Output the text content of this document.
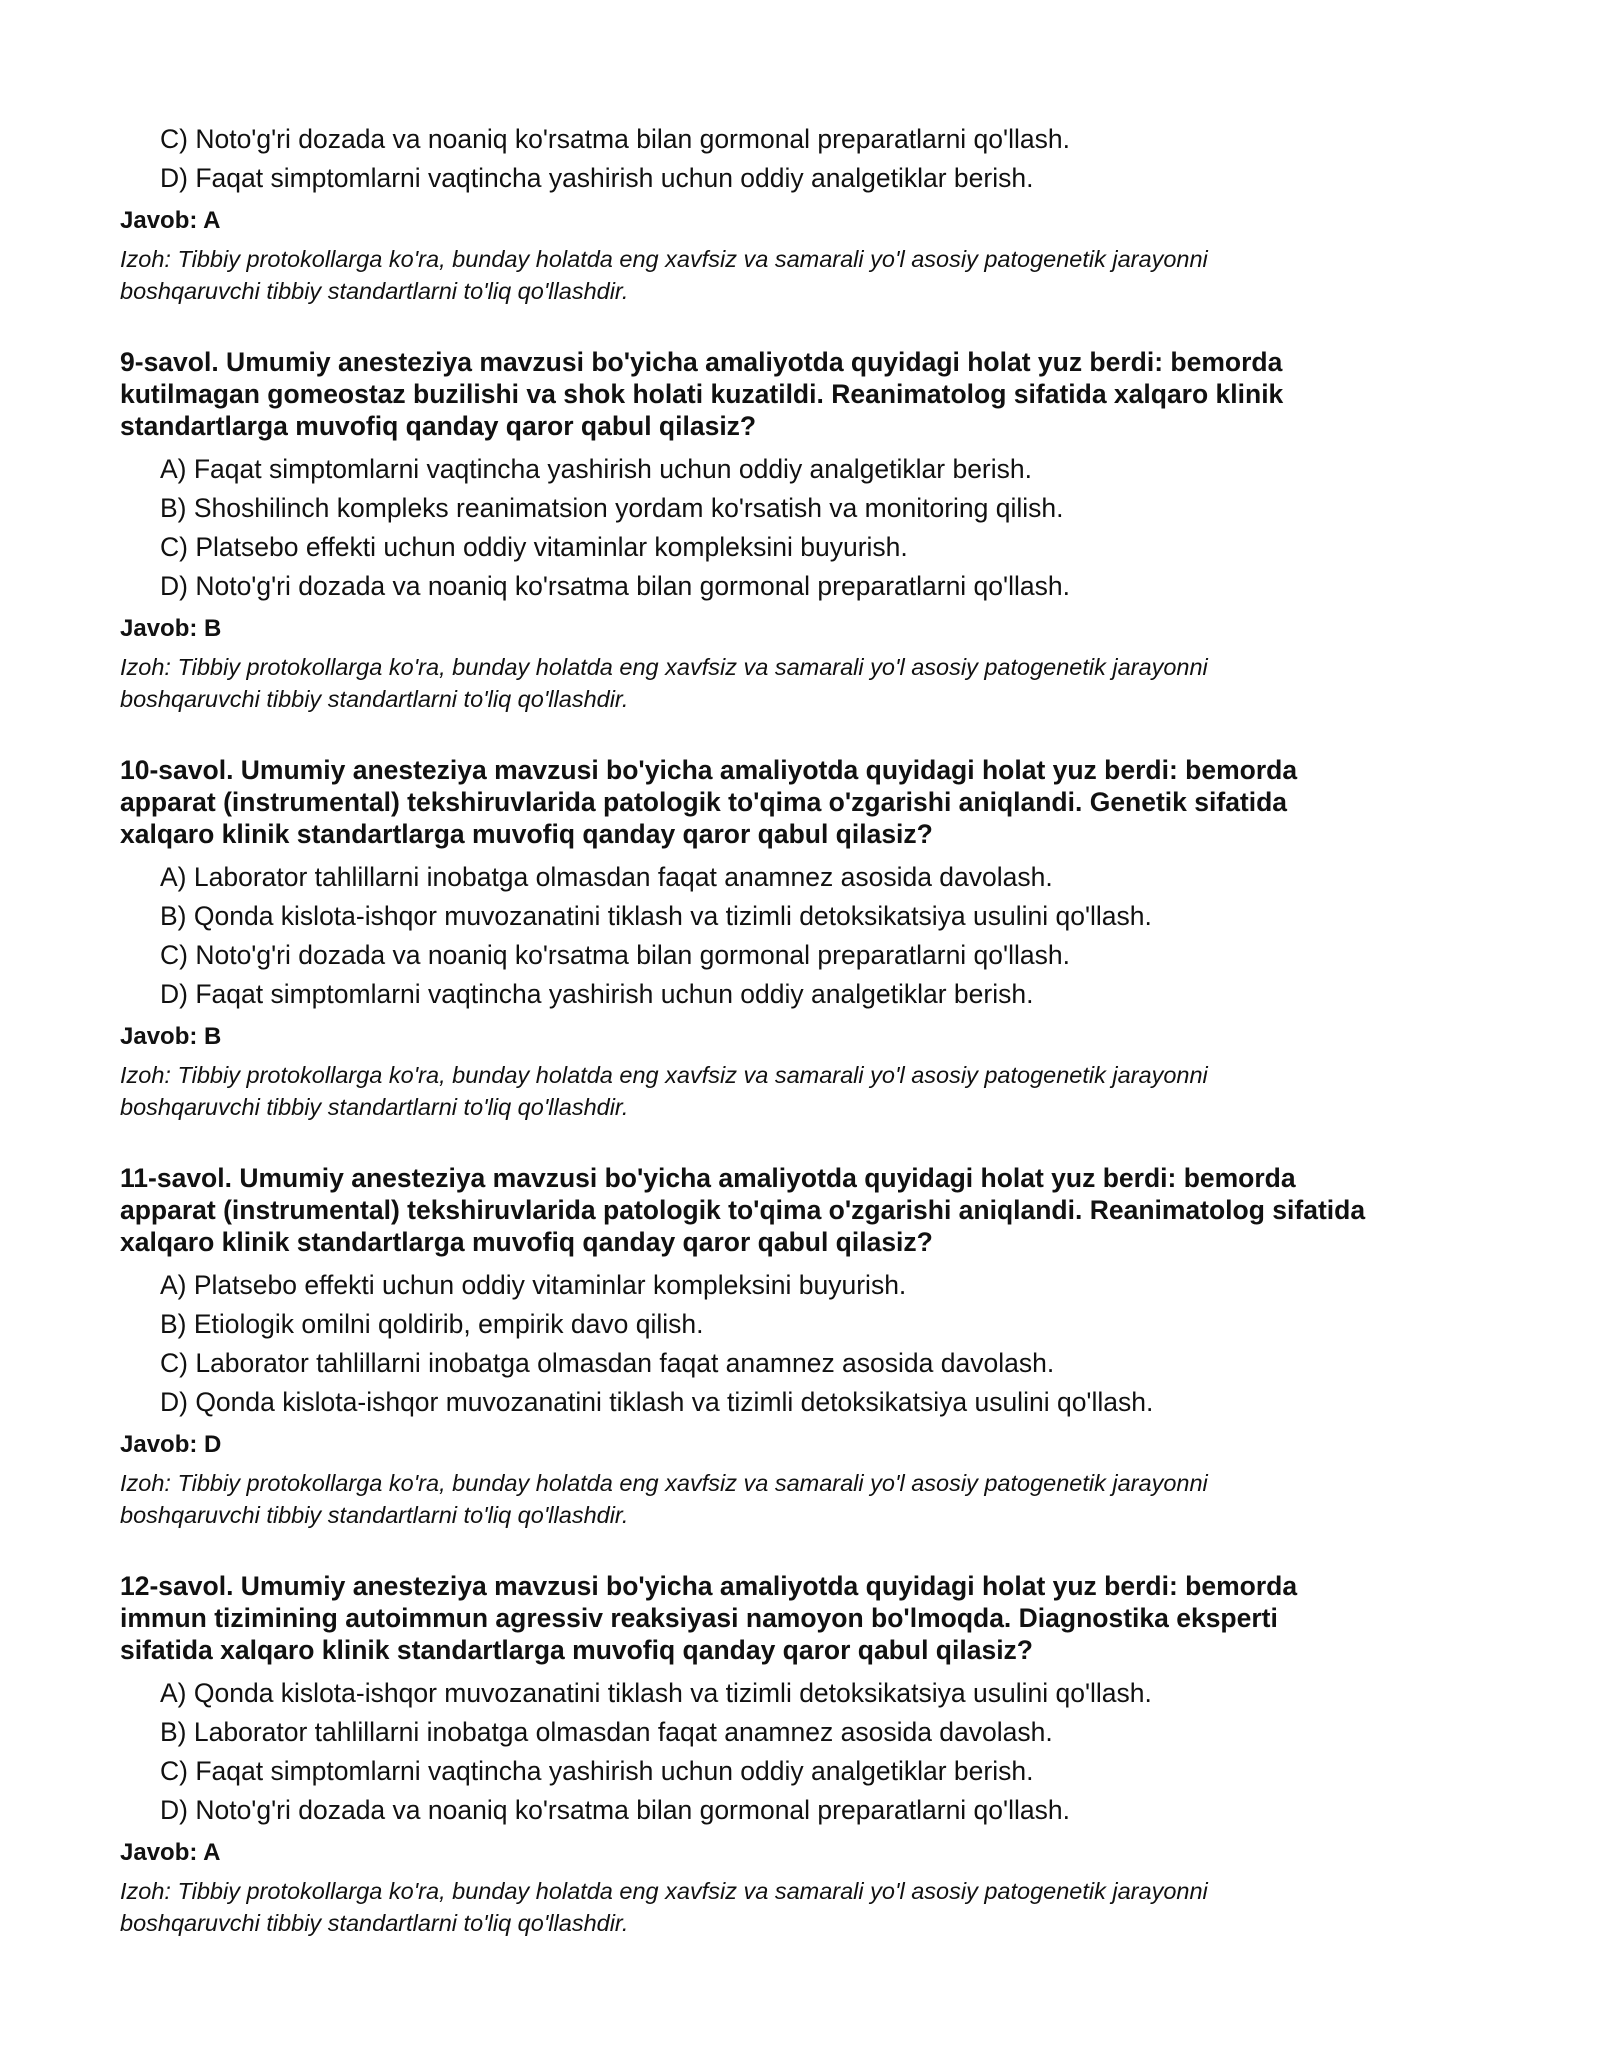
C) Noto'g'ri dozada va noaniq ko'rsatma bilan gormonal preparatlarni qo'llash.
D) Faqat simptomlarni vaqtincha yashirish uchun oddiy analgetiklar berish.
Javob: A
Izoh: Tibbiy protokollarga ko'ra, bunday holatda eng xavfsiz va samarali yo'l asosiy patogenetik jarayonni
boshqaruvchi tibbiy standartlarni to'liq qo'llashdir.
9-savol. Umumiy anesteziya mavzusi bo'yicha amaliyotda quyidagi holat yuz berdi: bemorda
kutilmagan gomeostaz buzilishi va shok holati kuzatildi. Reanimatolog sifatida xalqaro klinik
standartlarga muvofiq qanday qaror qabul qilasiz?
A) Faqat simptomlarni vaqtincha yashirish uchun oddiy analgetiklar berish.
B) Shoshilinch kompleks reanimatsion yordam ko'rsatish va monitoring qilish.
C) Platsebo effekti uchun oddiy vitaminlar kompleksini buyurish.
D) Noto'g'ri dozada va noaniq ko'rsatma bilan gormonal preparatlarni qo'llash.
Javob: B
Izoh: Tibbiy protokollarga ko'ra, bunday holatda eng xavfsiz va samarali yo'l asosiy patogenetik jarayonni
boshqaruvchi tibbiy standartlarni to'liq qo'llashdir.
10-savol. Umumiy anesteziya mavzusi bo'yicha amaliyotda quyidagi holat yuz berdi: bemorda
apparat (instrumental) tekshiruvlarida patologik to'qima o'zgarishi aniqlandi. Genetik sifatida
xalqaro klinik standartlarga muvofiq qanday qaror qabul qilasiz?
A) Laborator tahlillarni inobatga olmasdan faqat anamnez asosida davolash.
B) Qonda kislota-ishqor muvozanatini tiklash va tizimli detoksikatsiya usulini qo'llash.
C) Noto'g'ri dozada va noaniq ko'rsatma bilan gormonal preparatlarni qo'llash.
D) Faqat simptomlarni vaqtincha yashirish uchun oddiy analgetiklar berish.
Javob: B
Izoh: Tibbiy protokollarga ko'ra, bunday holatda eng xavfsiz va samarali yo'l asosiy patogenetik jarayonni
boshqaruvchi tibbiy standartlarni to'liq qo'llashdir.
11-savol. Umumiy anesteziya mavzusi bo'yicha amaliyotda quyidagi holat yuz berdi: bemorda
apparat (instrumental) tekshiruvlarida patologik to'qima o'zgarishi aniqlandi. Reanimatolog sifatida
xalqaro klinik standartlarga muvofiq qanday qaror qabul qilasiz?
A) Platsebo effekti uchun oddiy vitaminlar kompleksini buyurish.
B) Etiologik omilni qoldirib, empirik davo qilish.
C) Laborator tahlillarni inobatga olmasdan faqat anamnez asosida davolash.
D) Qonda kislota-ishqor muvozanatini tiklash va tizimli detoksikatsiya usulini qo'llash.
Javob: D
Izoh: Tibbiy protokollarga ko'ra, bunday holatda eng xavfsiz va samarali yo'l asosiy patogenetik jarayonni
boshqaruvchi tibbiy standartlarni to'liq qo'llashdir.
12-savol. Umumiy anesteziya mavzusi bo'yicha amaliyotda quyidagi holat yuz berdi: bemorda
immun tizimining autoimmun agressiv reaksiyasi namoyon bo'lmoqda. Diagnostika eksperti
sifatida xalqaro klinik standartlarga muvofiq qanday qaror qabul qilasiz?
A) Qonda kislota-ishqor muvozanatini tiklash va tizimli detoksikatsiya usulini qo'llash.
B) Laborator tahlillarni inobatga olmasdan faqat anamnez asosida davolash.
C) Faqat simptomlarni vaqtincha yashirish uchun oddiy analgetiklar berish.
D) Noto'g'ri dozada va noaniq ko'rsatma bilan gormonal preparatlarni qo'llash.
Javob: A
Izoh: Tibbiy protokollarga ko'ra, bunday holatda eng xavfsiz va samarali yo'l asosiy patogenetik jarayonni
boshqaruvchi tibbiy standartlarni to'liq qo'llashdir.
